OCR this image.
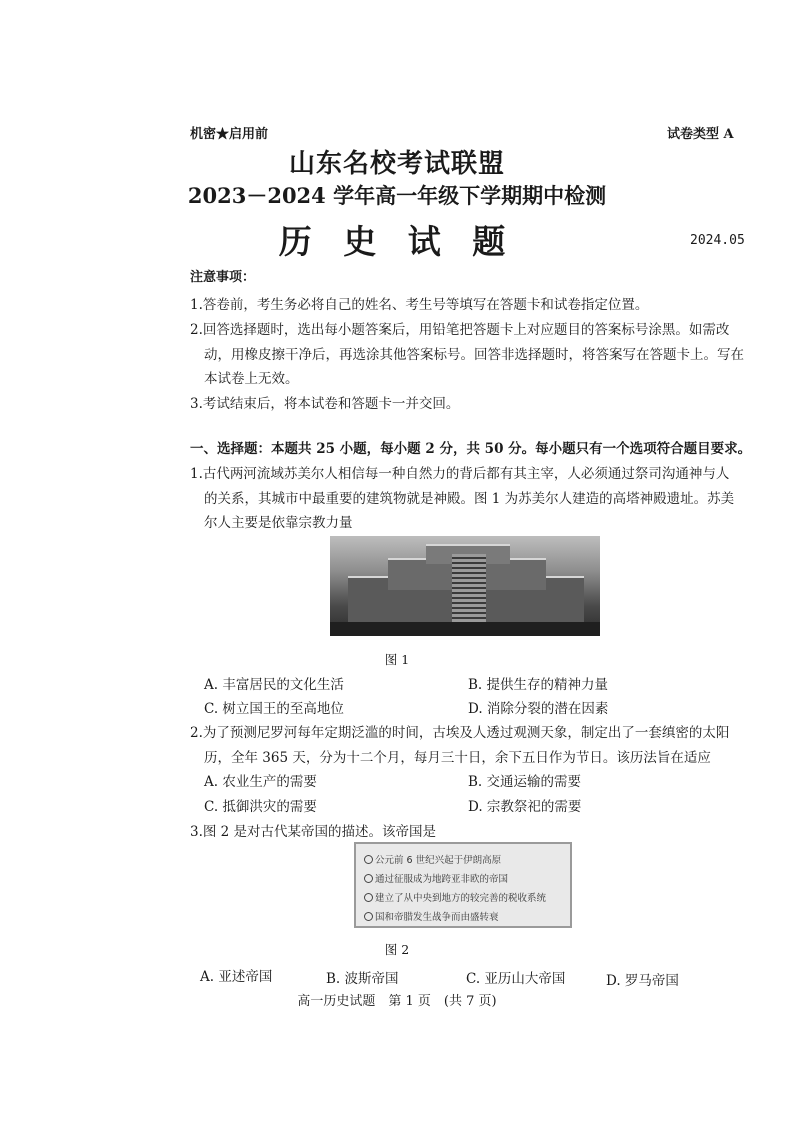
机密★启用前	试卷类型 A
山东名校考试联盟
2023－2024 学年高一年级下学期期中检测
历 史 试 题	2024.05
注意事项：
1.答卷前，考生务必将自己的姓名、考生号等填写在答题卡和试卷指定位置。
2.回答选择题时，选出每小题答案后，用铅笔把答题卡上对应题目的答案标号涂黑。如需改
动，用橡皮擦干净后，再选涂其他答案标号。回答非选择题时，将答案写在答题卡上。写在
本试卷上无效。
3.考试结束后，将本试卷和答题卡一并交回。
一、选择题：本题共 25 小题，每小题 2 分，共 50 分。每小题只有一个选项符合题目要求。
1.古代两河流域苏美尔人相信每一种自然力的背后都有其主宰，人必须通过祭司沟通神与人
的关系，其城市中最重要的建筑物就是神殿。图 1 为苏美尔人建造的高塔神殿遗址。苏美
尔人主要是依靠宗教力量
图 1
A. 丰富居民的文化生活	B. 提供生存的精神力量
C. 树立国王的至高地位	D. 消除分裂的潜在因素
2.为了预测尼罗河每年定期泛滥的时间，古埃及人透过观测天象，制定出了一套缜密的太阳
历，全年 365 天，分为十二个月，每月三十日，余下五日作为节日。该历法旨在适应
A. 农业生产的需要	B. 交通运输的需要
C. 抵御洪灾的需要	D. 宗教祭祀的需要
3.图 2 是对古代某帝国的描述。该帝国是
公元前 6 世纪兴起于伊朗高原
通过征服成为地跨亚非欧的帝国
建立了从中央到地方的较完善的税收系统
国和帝腊发生战争而由盛转衰
图 2
A. 亚述帝国	B. 波斯帝国	C. 亚历山大帝国	D. 罗马帝国
高一历史试题　第 1 页　(共 7 页)
